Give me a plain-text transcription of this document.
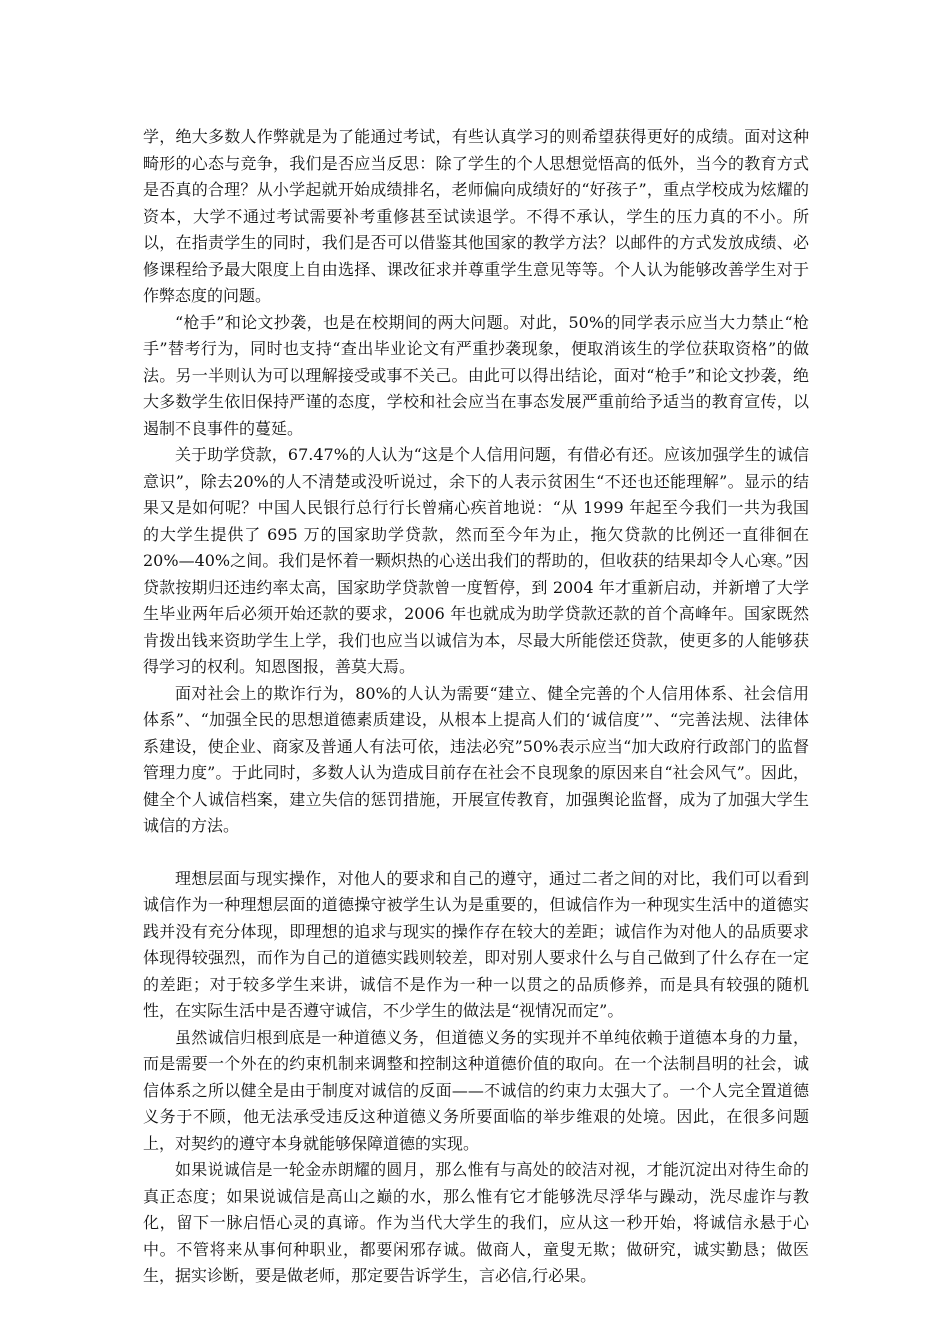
学，绝大多数人作弊就是为了能通过考试，有些认真学习的则希望获得更好的成绩。面对这种畸形的心态与竞争，我们是否应当反思：除了学生的个人思想觉悟高的低外，当今的教育方式是否真的合理？从小学起就开始成绩排名，老师偏向成绩好的“好孩子”，重点学校成为炫耀的资本，大学不通过考试需要补考重修甚至试读退学。不得不承认，学生的压力真的不小。所以，在指责学生的同时，我们是否可以借鉴其他国家的教学方法？以邮件的方式发放成绩、必修课程给予最大限度上自由选择、课改征求并尊重学生意见等等。个人认为能够改善学生对于作弊态度的问题。

“枪手”和论文抄袭，也是在校期间的两大问题。对此，50%的同学表示应当大力禁止“枪手”替考行为，同时也支持“查出毕业论文有严重抄袭现象，便取消该生的学位获取资格”的做法。另一半则认为可以理解接受或事不关己。由此可以得出结论，面对“枪手”和论文抄袭，绝大多数学生依旧保持严谨的态度，学校和社会应当在事态发展严重前给予适当的教育宣传，以遏制不良事件的蔓延。

关于助学贷款，67.47%的人认为“这是个人信用问题，有借必有还。应该加强学生的诚信意识”，除去20%的人不清楚或没听说过，余下的人表示贫困生“不还也还能理解”。显示的结果又是如何呢？中国人民银行总行行长曾痛心疾首地说：“从 1999 年起至今我们一共为我国的大学生提供了 695 万的国家助学贷款，然而至今年为止，拖欠贷款的比例还一直徘徊在 20%—40%之间。我们是怀着一颗炽热的心送出我们的帮助的，但收获的结果却令人心寒。”因贷款按期归还违约率太高，国家助学贷款曾一度暂停，到 2004 年才重新启动，并新增了大学生毕业两年后必须开始还款的要求，2006 年也就成为助学贷款还款的首个高峰年。国家既然肯拨出钱来资助学生上学，我们也应当以诚信为本，尽最大所能偿还贷款，使更多的人能够获得学习的权利。知恩图报，善莫大焉。

面对社会上的欺诈行为，80%的人认为需要“建立、健全完善的个人信用体系、社会信用体系”、“加强全民的思想道德素质建设，从根本上提高人们的‘诚信度’”、“完善法规、法律体系建设，使企业、商家及普通人有法可依，违法必究”50%表示应当“加大政府行政部门的监督管理力度”。于此同时，多数人认为造成目前存在社会不良现象的原因来自“社会风气”。因此，健全个人诚信档案，建立失信的惩罚措施，开展宣传教育，加强舆论监督，成为了加强大学生诚信的方法。

理想层面与现实操作，对他人的要求和自己的遵守，通过二者之间的对比，我们可以看到诚信作为一种理想层面的道德操守被学生认为是重要的，但诚信作为一种现实生活中的道德实践并没有充分体现，即理想的追求与现实的操作存在较大的差距；诚信作为对他人的品质要求体现得较强烈，而作为自己的道德实践则较差，即对别人要求什么与自己做到了什么存在一定的差距；对于较多学生来讲，诚信不是作为一种一以贯之的品质修养，而是具有较强的随机性，在实际生活中是否遵守诚信，不少学生的做法是“视情况而定”。

虽然诚信归根到底是一种道德义务，但道德义务的实现并不单纯依赖于道德本身的力量，而是需要一个外在的约束机制来调整和控制这种道德价值的取向。在一个法制昌明的社会，诚信体系之所以健全是由于制度对诚信的反面——不诚信的约束力太强大了。一个人完全置道德义务于不顾，他无法承受违反这种道德义务所要面临的举步维艰的处境。因此，在很多问题上，对契约的遵守本身就能够保障道德的实现。

如果说诚信是一轮金赤朗耀的圆月，那么惟有与高处的皎洁对视，才能沉淀出对待生命的真正态度；如果说诚信是高山之巅的水，那么惟有它才能够洗尽浮华与躁动，洗尽虚诈与教化，留下一脉启悟心灵的真谛。作为当代大学生的我们，应从这一秒开始，将诚信永悬于心中。不管将来从事何种职业，都要闲邪存诚。做商人，童叟无欺；做研究，诚实勤恳；做医生，据实诊断，要是做老师，那定要告诉学生，言必信,行必果。
